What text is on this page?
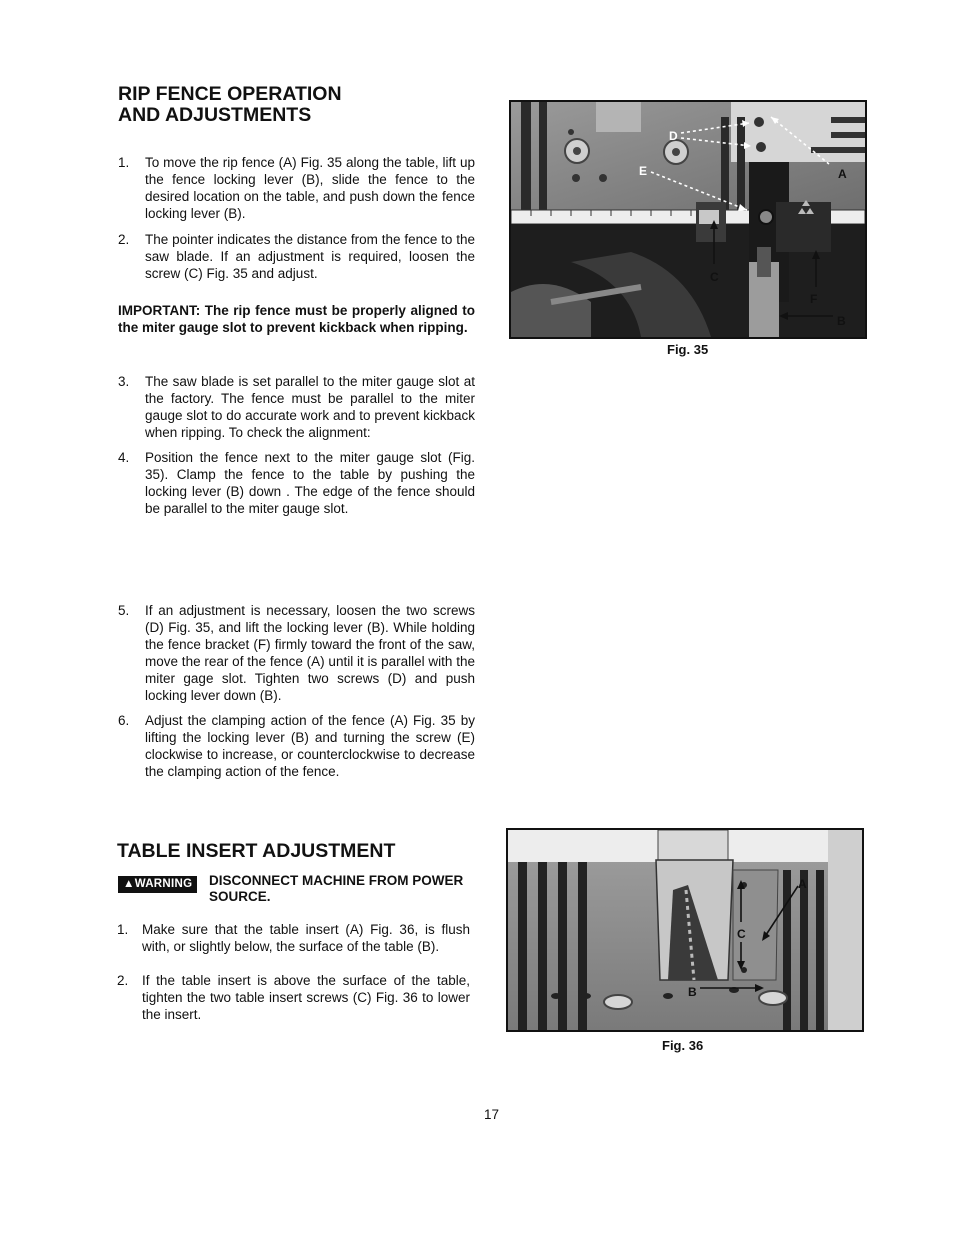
RIP FENCE OPERATION
AND ADJUSTMENTS
1. To move the rip fence (A) Fig. 35 along the table, lift up the fence locking lever (B), slide the fence to the desired location on the table, and push down the fence locking lever (B).
2. The pointer indicates the distance from the fence to the saw blade. If an adjustment is required, loosen the screw (C) Fig. 35 and adjust.
IMPORTANT: The rip fence must be properly aligned to the miter gauge slot to prevent kickback when ripping.
3. The saw blade is set parallel to the miter gauge slot at the factory. The fence must be parallel to the miter gauge slot to do accurate work and to prevent kickback when ripping. To check the alignment:
4. Position the fence next to the miter gauge slot (Fig. 35). Clamp the fence to the table by pushing the locking lever (B) down . The edge of the fence should be parallel to the miter gauge slot.
5. If an adjustment is necessary, loosen the two screws (D) Fig. 35, and lift the locking lever (B). While holding the fence bracket (F) firmly toward the front of the saw, move the rear of the fence (A) until it is parallel with the miter gage slot. Tighten two screws (D) and push locking lever down (B).
6. Adjust the clamping action of the fence (A) Fig. 35 by lifting the locking lever (B) and turning the screw (E) clockwise to increase, or counterclockwise to decrease the clamping action of the fence.
D
E	A
C
F
B
Fig. 35
TABLE INSERT ADJUSTMENT
▲WARNING	DISCONNECT MACHINE FROM POWER SOURCE.
1. Make sure that the table insert (A) Fig. 36, is flush with, or slightly below, the surface of the table (B).
2. If the table insert is above the surface of the table, tighten the two table insert screws (C) Fig. 36 to lower the insert.
A
C
B
Fig. 36
17
